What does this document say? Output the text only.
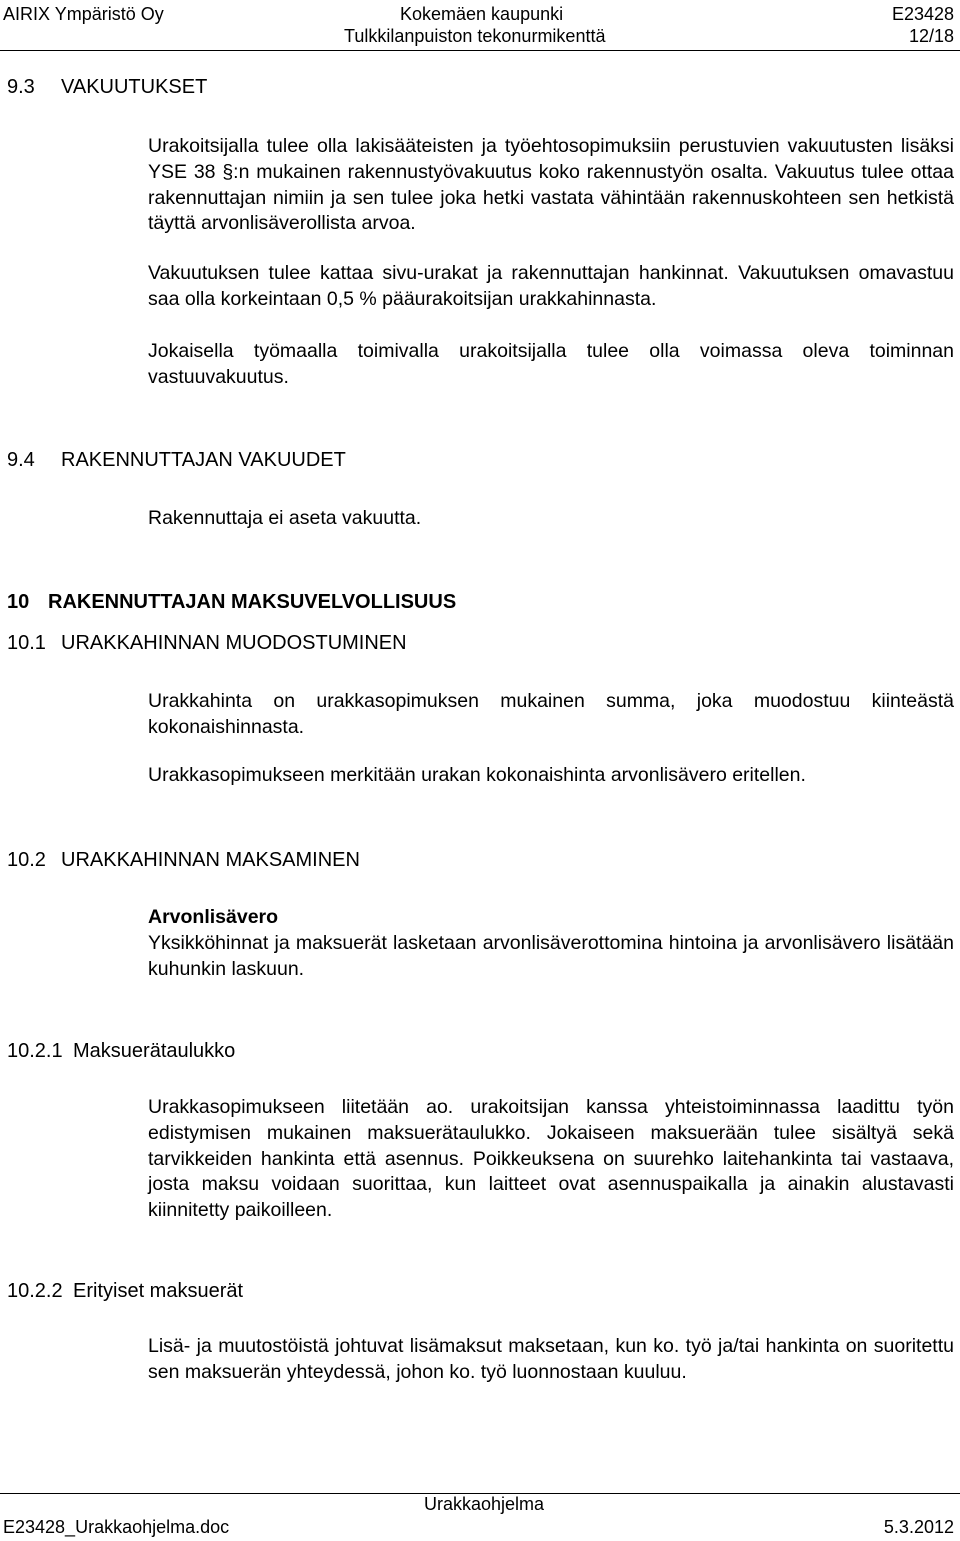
AIRIX Ympäristö Oy	Kokemäen kaupunki
Tulkkilanpuiston tekonurmikenttä
E23428
12/18
9.3 VAKUUTUKSET
Urakoitsijalla tulee olla lakisääteisten ja työehtosopimuksiin perustuvien vakuutusten lisäksi YSE 38 §:n mukainen rakennustyövakuutus koko rakennustyön osalta. Vakuutus tulee ottaa rakennuttajan nimiin ja sen tulee joka hetki vastata vähintään rakennuskohteen sen hetkistä täyttä arvonlisäverollista arvoa.
Vakuutuksen tulee kattaa sivu-urakat ja rakennuttajan hankinnat. Vakuutuksen omavastuu saa olla korkeintaan 0,5 % pääurakoitsijan urakkahinnasta.
Jokaisella työmaalla toimivalla urakoitsijalla tulee olla voimassa oleva toiminnan vastuuvakuutus.
9.4 RAKENNUTTAJAN VAKUUDET
Rakennuttaja ei aseta vakuutta.
10 RAKENNUTTAJAN MAKSUVELVOLLISUUS
10.1 URAKKAHINNAN MUODOSTUMINEN
Urakkahinta on urakkasopimuksen mukainen summa, joka muodostuu kiinteästä kokonaishinnasta.
Urakkasopimukseen merkitään urakan kokonaishinta arvonlisävero eritellen.
10.2 URAKKAHINNAN MAKSAMINEN
Arvonlisävero
Yksikköhinnat ja maksuerät lasketaan arvonlisäverottomina hintoina ja arvonlisävero lisätään kuhunkin laskuun.
10.2.1 Maksuerätaulukko
Urakkasopimukseen liitetään ao. urakoitsijan kanssa yhteistoiminnassa laadittu työn edistymisen mukainen maksuerätaulukko. Jokaiseen maksuerään tulee sisältyä sekä tarvikkeiden hankinta että asennus. Poikkeuksena on suurehko laitehankinta tai vastaava, josta maksu voidaan suorittaa, kun laitteet ovat asennuspaikalla ja ainakin alustavasti kiinnitetty paikoilleen.
10.2.2 Erityiset maksuerät
Lisä- ja muutostöistä johtuvat lisämaksut maksetaan, kun ko. työ ja/tai hankinta on suoritettu sen maksuerän yhteydessä, johon ko. työ luonnostaan kuuluu.
Urakkaohjelma
E23428_Urakkaohjelma.doc	5.3.2012
